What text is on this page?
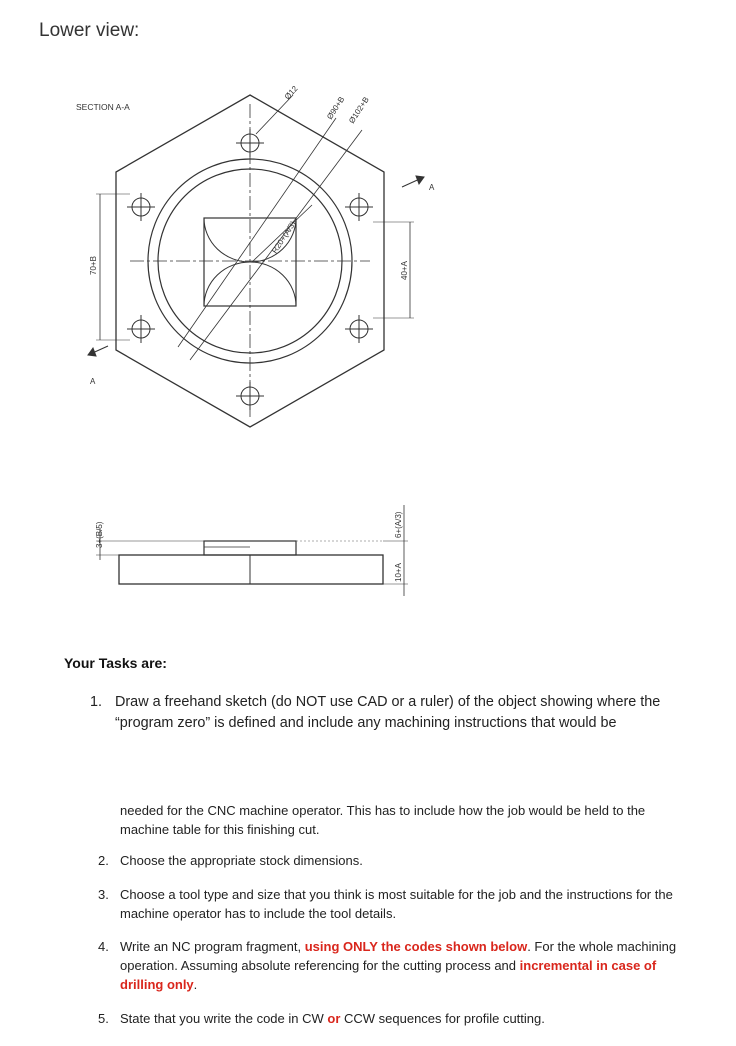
Lower view:
SECTION A-A
Ø12
Ø90+B Ø102+B
R20+(A/3)
70+B	40+A
A
A
3+(B/5)	6+(A/3)
10+A
Your Tasks are:
1. Draw a freehand sketch (do NOT use CAD or a ruler) of the object showing where the “program zero” is defined and include any machining instructions that would be
needed for the CNC machine operator. This has to include how the job would be held to the machine table for this finishing cut.
2. Choose the appropriate stock dimensions.
3. Choose a tool type and size that you think is most suitable for the job and the instructions for the machine operator has to include the tool details.
4. Write an NC program fragment, using ONLY the codes shown below. For the whole machining operation. Assuming absolute referencing for the cutting process and incremental in case of drilling only.
5. State that you write the code in CW or CCW sequences for profile cutting.
